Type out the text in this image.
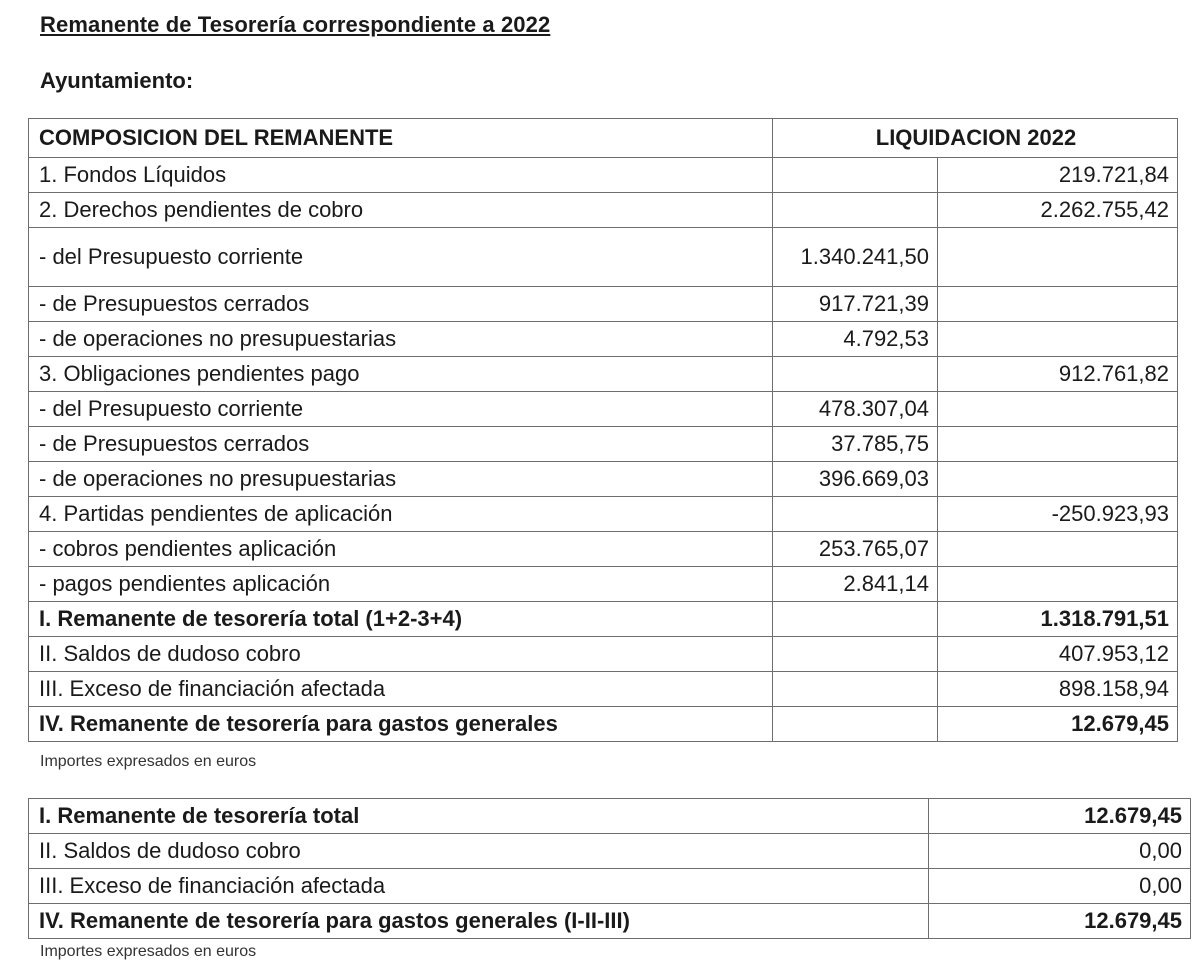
Remanente de Tesorería correspondiente a 2022
Ayuntamiento:
COMPOSICION DEL REMANENTE	LIQUIDACION 2022	
1. Fondos Líquidos		219.721,84
2. Derechos pendientes de cobro		2.262.755,42
- del Presupuesto corriente	1.340.241,50	
- de Presupuestos cerrados	917.721,39	
- de operaciones no presupuestarias	4.792,53	
3. Obligaciones pendientes pago		912.761,82
- del Presupuesto corriente	478.307,04	
- de Presupuestos cerrados	37.785,75	
- de operaciones no presupuestarias	396.669,03	
4. Partidas pendientes de aplicación		-250.923,93
- cobros pendientes aplicación	253.765,07	
- pagos pendientes aplicación	2.841,14	
I. Remanente de tesorería total (1+2-3+4)		1.318.791,51
II. Saldos de dudoso cobro		407.953,12
III. Exceso de financiación afectada		898.158,94
IV. Remanente de tesorería para gastos generales		12.679,45
Importes expresados en euros
I. Remanente de tesorería total	12.679,45
II. Saldos de dudoso cobro	0,00
III. Exceso de financiación afectada	0,00
IV. Remanente de tesorería para gastos generales (I-II-III)	12.679,45
Importes expresados en euros
